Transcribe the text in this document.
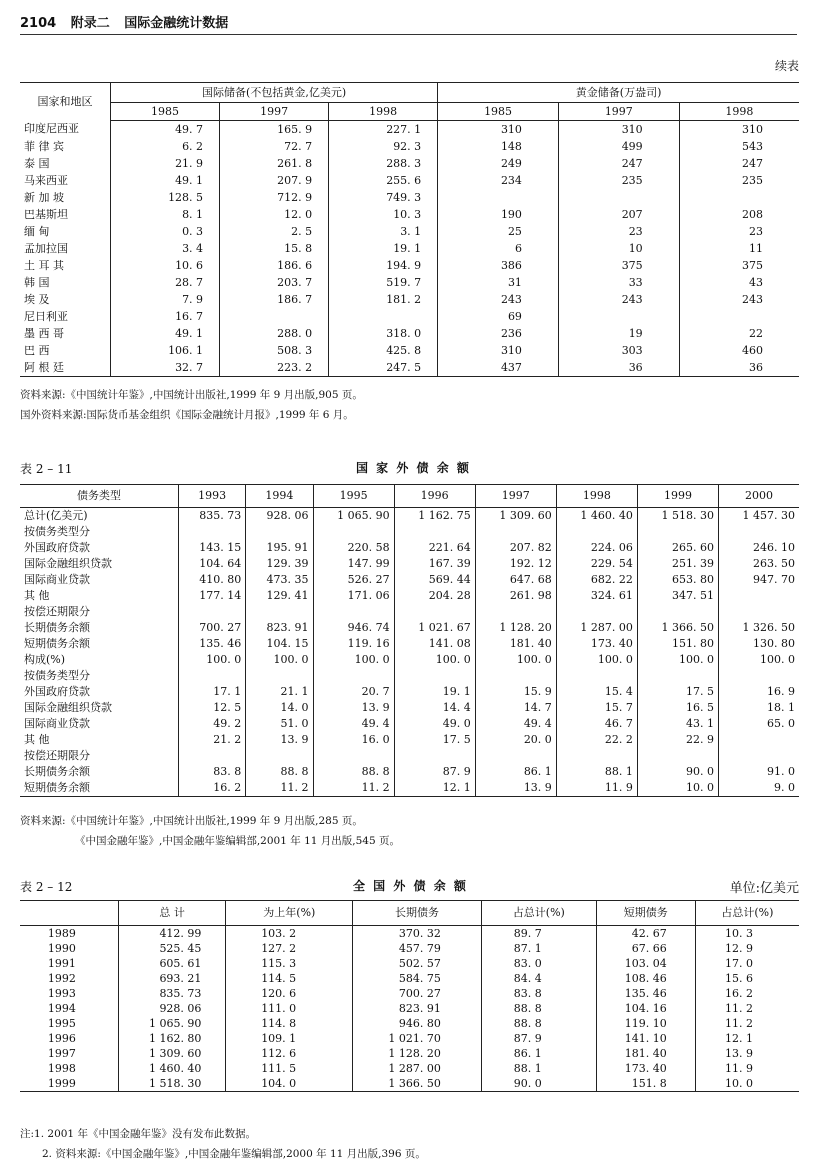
2104 附录二 国际金融统计数据
续表
国家和地区	国际储备(不包括黄金,亿美元)			黄金储备(万盎司)		
	1985	1997	1998	1985	1997	1998
印度尼西亚	49. 7	165. 9	227. 1	310	310	310
菲 律 宾	6. 2	72. 7	92. 3	148	499	543
泰 国	21. 9	261. 8	288. 3	249	247	247
马来西亚	49. 1	207. 9	255. 6	234	235	235
新 加 坡	128. 5	712. 9	749. 3			
巴基斯坦	8. 1	12. 0	10. 3	190	207	208
缅 甸	0. 3	2. 5	3. 1	25	23	23
孟加拉国	3. 4	15. 8	19. 1	6	10	11
土 耳 其	10. 6	186. 6	194. 9	386	375	375
韩 国	28. 7	203. 7	519. 7	31	33	43
埃 及	7. 9	186. 7	181. 2	243	243	243
尼日利亚	16. 7			69		
墨 西 哥	49. 1	288. 0	318. 0	236	19	22
巴 西	106. 1	508. 3	425. 8	310	303	460
阿 根 廷	32. 7	223. 2	247. 5	437	36	36
资料来源:《中国统计年鉴》,中国统计出版社,1999 年 9 月出版,905 页。
国外资料来源:国际货币基金组织《国际金融统计月报》,1999 年 6 月。
表 2 – 11	国 家 外 债 余 额
债务类型	1993	1994	1995	1996	1997	1998	1999	2000
总计(亿美元)	835. 73	928. 06	1 065. 90	1 162. 75	1 309. 60	1 460. 40	1 518. 30	1 457. 30
按债务类型分								
外国政府贷款	143. 15	195. 91	220. 58	221. 64	207. 82	224. 06	265. 60	246. 10
国际金融组织贷款	104. 64	129. 39	147. 99	167. 39	192. 12	229. 54	251. 39	263. 50
国际商业贷款	410. 80	473. 35	526. 27	569. 44	647. 68	682. 22	653. 80	947. 70
其 他	177. 14	129. 41	171. 06	204. 28	261. 98	324. 61	347. 51	
按偿还期限分								
长期债务余额	700. 27	823. 91	946. 74	1 021. 67	1 128. 20	1 287. 00	1 366. 50	1 326. 50
短期债务余额	135. 46	104. 15	119. 16	141. 08	181. 40	173. 40	151. 80	130. 80
构成(%)	100. 0	100. 0	100. 0	100. 0	100. 0	100. 0	100. 0	100. 0
按债务类型分								
外国政府贷款	17. 1	21. 1	20. 7	19. 1	15. 9	15. 4	17. 5	16. 9
国际金融组织贷款	12. 5	14. 0	13. 9	14. 4	14. 7	15. 7	16. 5	18. 1
国际商业贷款	49. 2	51. 0	49. 4	49. 0	49. 4	46. 7	43. 1	65. 0
其 他	21. 2	13. 9	16. 0	17. 5	20. 0	22. 2	22. 9	
按偿还期限分								
长期债务余额	83. 8	88. 8	88. 8	87. 9	86. 1	88. 1	90. 0	91. 0
短期债务余额	16. 2	11. 2	11. 2	12. 1	13. 9	11. 9	10. 0	9. 0
资料来源:《中国统计年鉴》,中国统计出版社,1999 年 9 月出版,285 页。
《中国金融年鉴》,中国金融年鉴编辑部,2001 年 11 月出版,545 页。
表 2 – 12	全 国 外 债 余 额	单位:亿美元
	总 计	为上年(%)	长期债务	占总计(%)	短期债务	占总计(%)
1989	412. 99	103. 2	370. 32	89. 7	42. 67	10. 3
1990	525. 45	127. 2	457. 79	87. 1	67. 66	12. 9
1991	605. 61	115. 3	502. 57	83. 0	103. 04	17. 0
1992	693. 21	114. 5	584. 75	84. 4	108. 46	15. 6
1993	835. 73	120. 6	700. 27	83. 8	135. 46	16. 2
1994	928. 06	111. 0	823. 91	88. 8	104. 16	11. 2
1995	1 065. 90	114. 8	946. 80	88. 8	119. 10	11. 2
1996	1 162. 80	109. 1	1 021. 70	87. 9	141. 10	12. 1
1997	1 309. 60	112. 6	1 128. 20	86. 1	181. 40	13. 9
1998	1 460. 40	111. 5	1 287. 00	88. 1	173. 40	11. 9
1999	1 518. 30	104. 0	1 366. 50	90. 0	151. 8	10. 0
注:1. 2001 年《中国金融年鉴》没有发布此数据。
2. 资料来源:《中国金融年鉴》,中国金融年鉴编辑部,2000 年 11 月出版,396 页。
